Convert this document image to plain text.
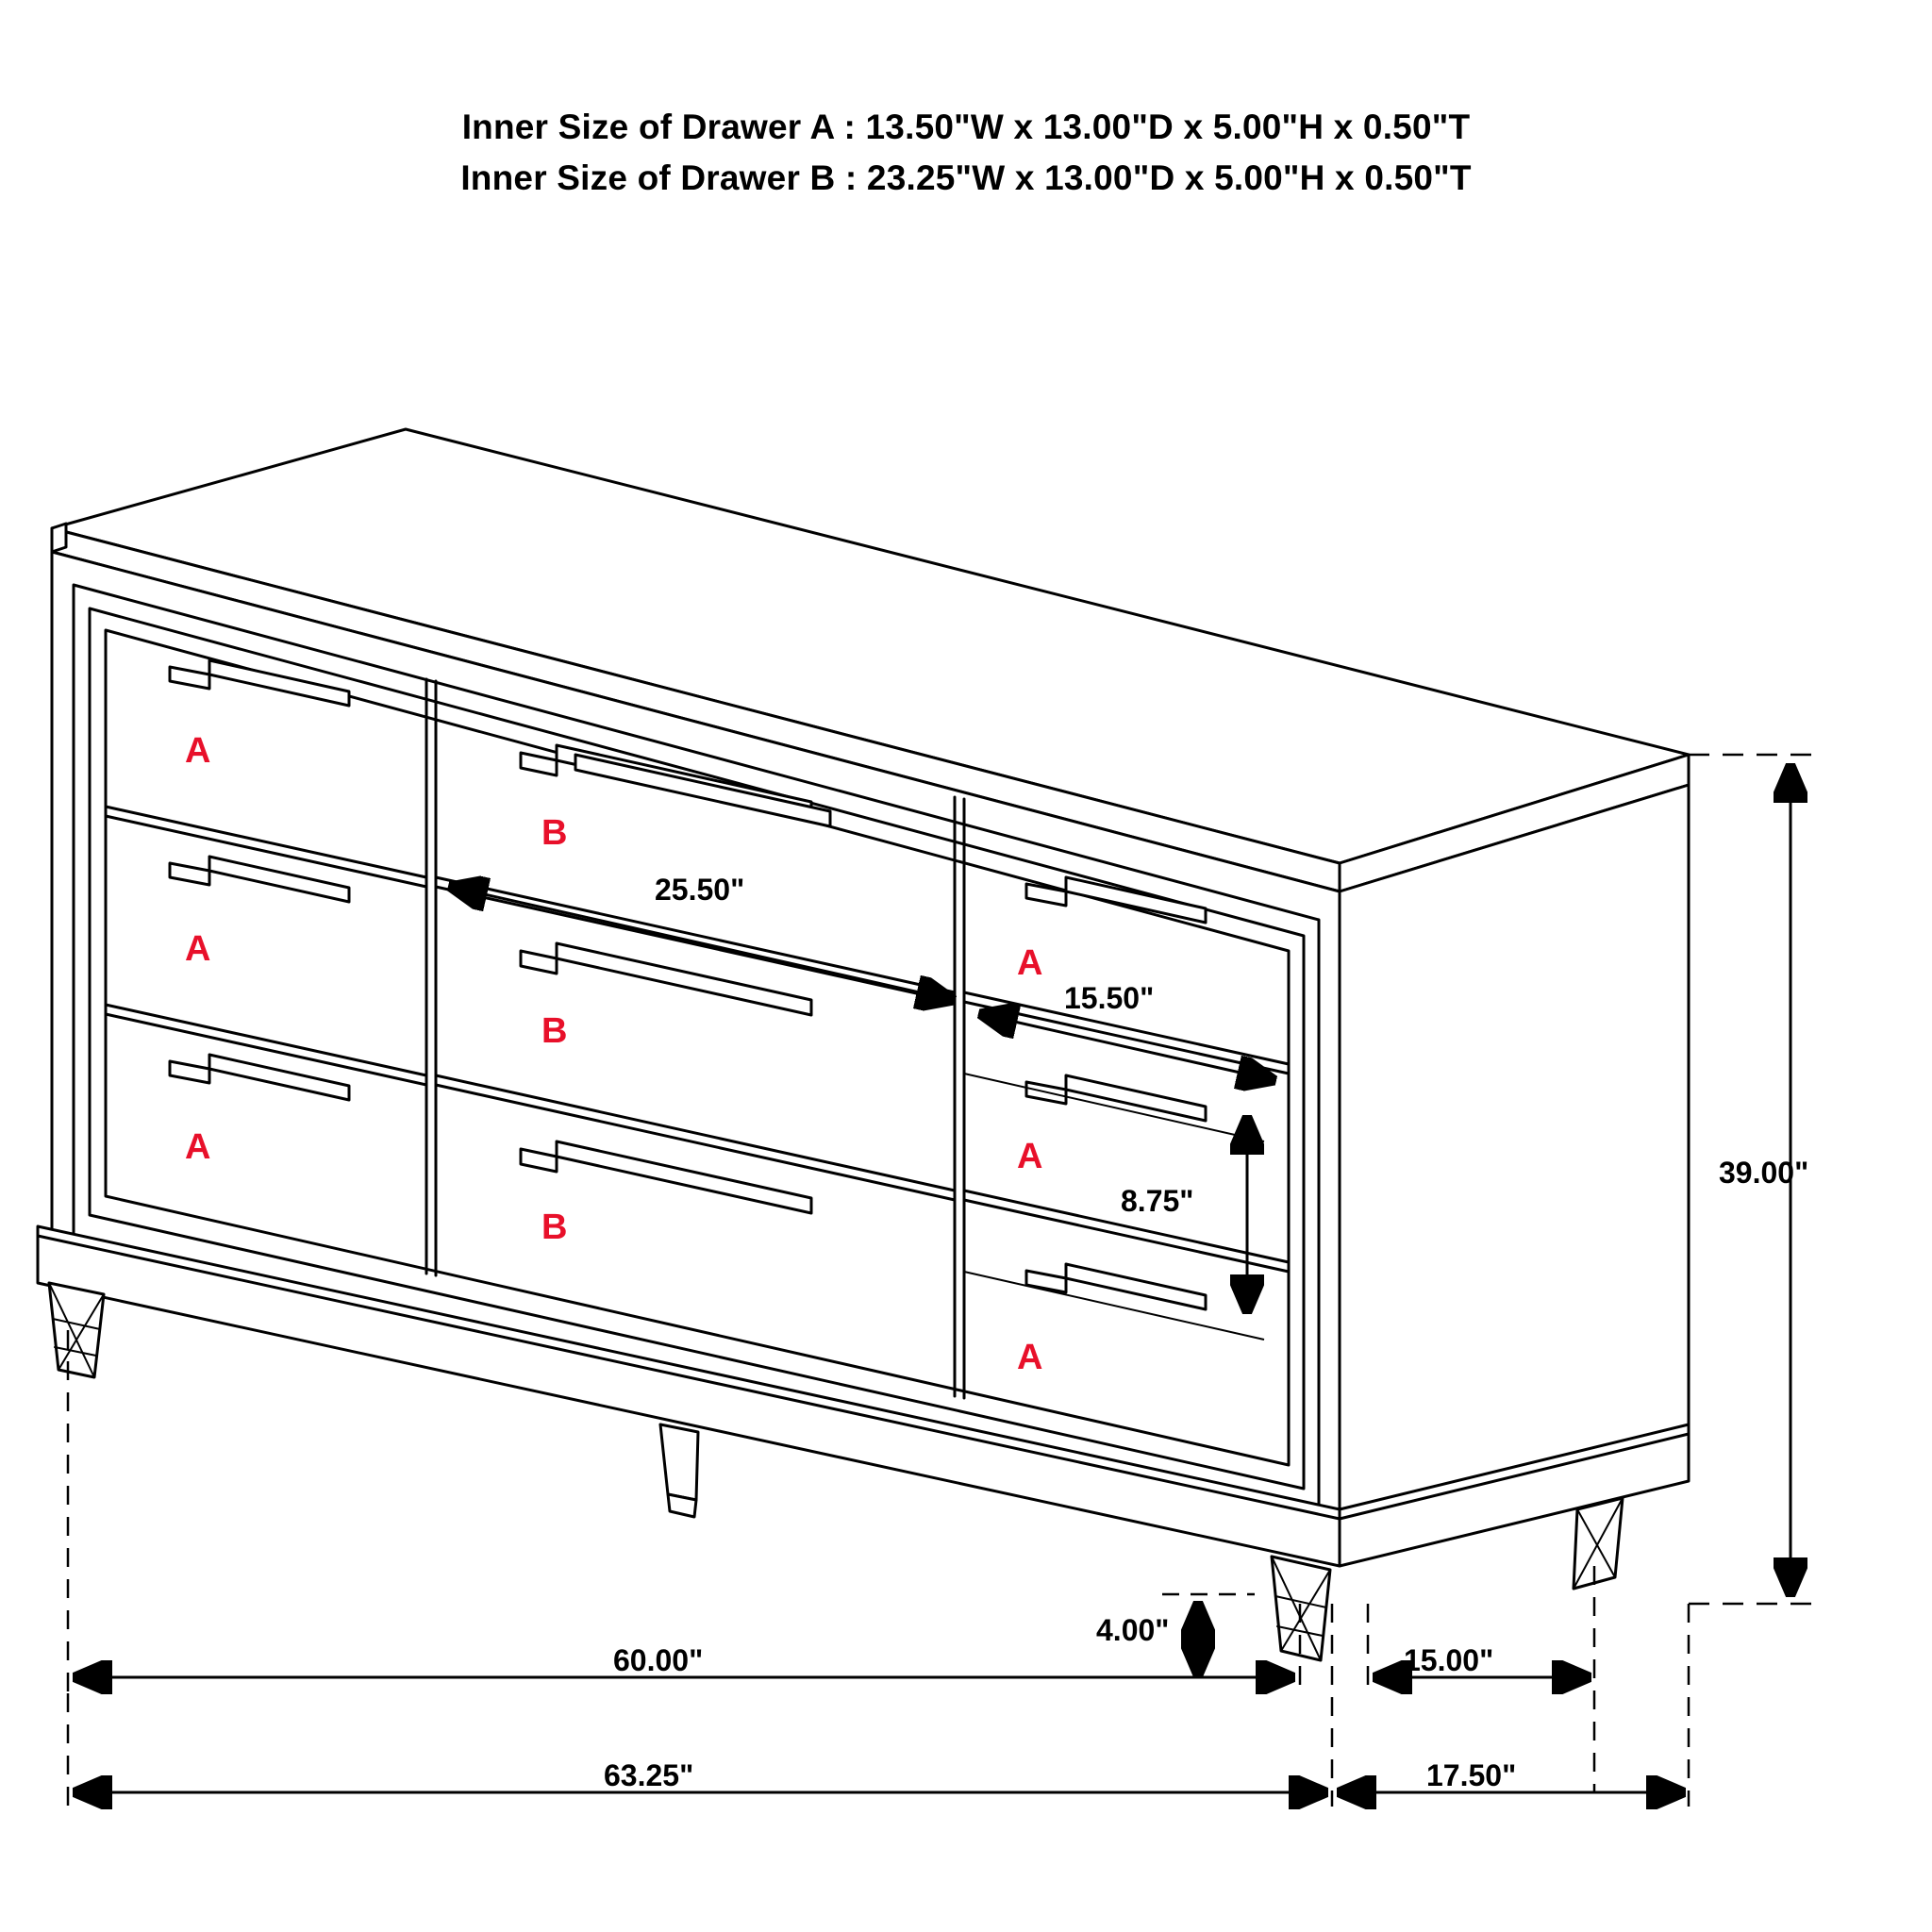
Inner Size of Drawer A : 13.50"W x 13.00"D x 5.00"H x 0.50"T
Inner Size of Drawer B : 23.25"W x 13.00"D x 5.00"H x 0.50"T
A
A
A
B
B
B
A
A
A
25.50"
15.50"
8.75"
39.00"
4.00"
60.00"	15.00"
63.25"	17.50"
